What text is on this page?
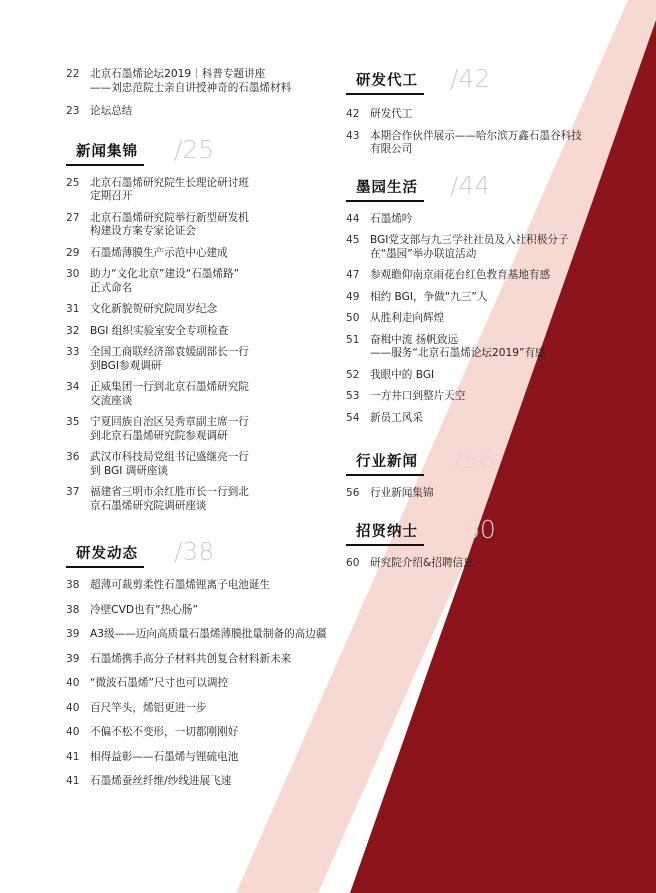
22 北京石墨烯论坛2019｜科普专题讲座
——刘忠范院士亲自讲授神奇的石墨烯材料
23 论坛总结
新闻集锦 /25
25 北京石墨烯研究院生长理论研讨班
定期召开
27 北京石墨烯研究院举行新型研发机
构建设方案专家论证会
29 石墨烯薄膜生产示范中心建成
30 助力“文化北京”建设“石墨烯路”
正式命名
31 文化新貌贺研究院周岁纪念
32 BGI 组织实验室安全专项检查
33 全国工商联经济部袁媛副部长一行
到BGI参观调研
34 正威集团一行到北京石墨烯研究院
交流座谈
35 宁夏回族自治区吴秀章副主席一行
到北京石墨烯研究院参观调研
36 武汉市科技局党组书记盛继亮一行
到 BGI 调研座谈
37 福建省三明市余红胜市长一行到北
京石墨烯研究院调研座谈
研发动态 /38
38 超薄可裁剪柔性石墨烯锂离子电池诞生
38 冷壁CVD也有“热心肠”
39 A3级——迈向高质量石墨烯薄膜批量制备的高边疆
39 石墨烯携手高分子材料共创复合材料新未来
40 “微波石墨烯”尺寸也可以调控
40 百尺竿头，烯铝更进一步
40 不偏不松不变形，一切都刚刚好
41 相得益彰——石墨烯与锂硫电池
41 石墨烯蚕丝纤维/纱线进展飞速
研发代工 /42
42 研发代工
43 本期合作伙伴展示——哈尔滨万鑫石墨谷科技
有限公司
墨园生活 /44
44 石墨烯吟
45 BGI党支部与九三学社社员及入社积极分子
在“墨园”举办联谊活动
47 参观瞻仰南京雨花台红色教育基地有感
49 相约 BGI，争做“九三”人
50 从胜利走向辉煌
51 奋楫中流 扬帆致远
——服务“北京石墨烯论坛2019”有感
52 我眼中的 BGI
53 一方井口到整片天空
54 新员工风采
行业新闻 /56
56 行业新闻集锦
招贤纳士 60
60 研究院介绍&招聘信息
